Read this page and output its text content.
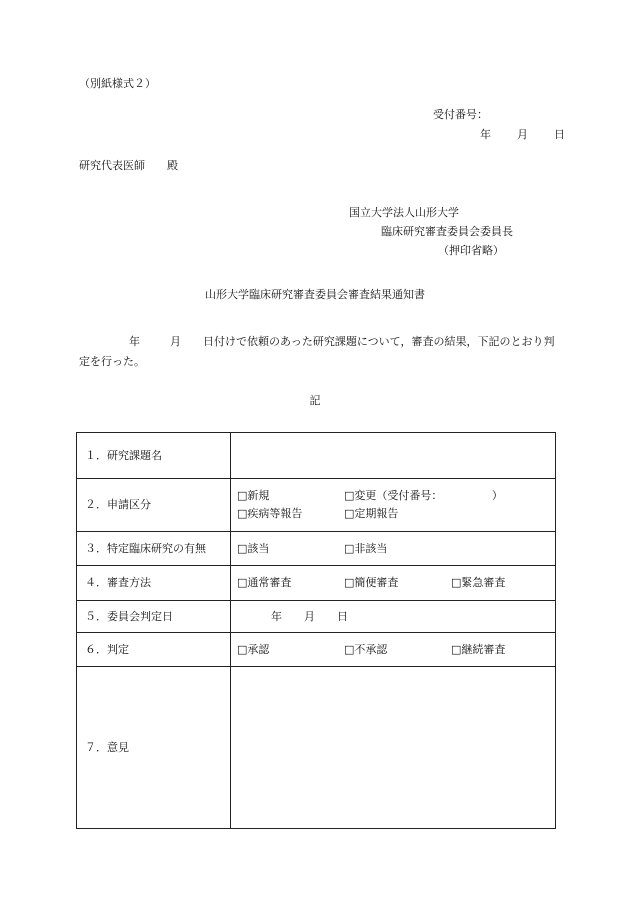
（別紙様式２）
受付番号：
年 月 日
研究代表医師　　殿
国立大学法人山形大学
臨床研究審査委員会委員長
（押印省略）
山形大学臨床研究審査委員会審査結果通知書
年	月 日付けで依頼のあった研究課題について，審査の結果，下記のとおり判定を行った。
記
１．研究課題名	
２．申請区分	□新規 □変更（受付番号：　　　　　）
□疾病等報告 □定期報告

３．特定臨床研究の有無	□該当 □非該当
４．審査方法	□通常審査 □簡便審査 □緊急審査
５．委員会判定日	年　　月　　日
６．判定	□承認 □不承認 □継続審査
７．意見	
